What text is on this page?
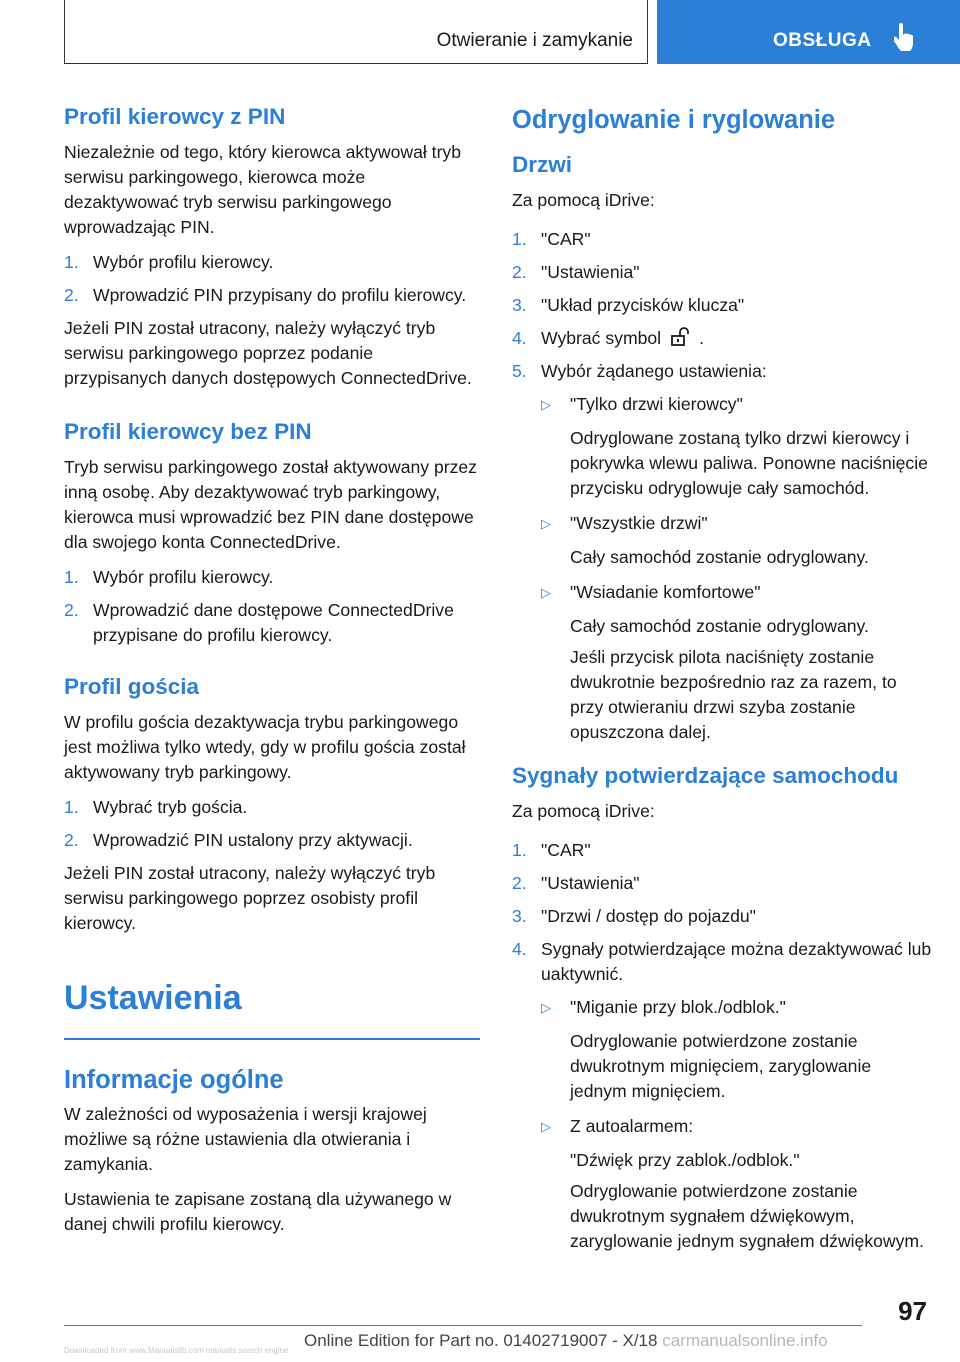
Otwieranie i zamykanie	OBSŁUGA
Profil kierowcy z PIN

Niezależnie od tego, który kierowca aktywował tryb serwisu parkingowego, kierowca może dezaktywować tryb serwisu parkingowego wprowadzając PIN.

1. Wybór profilu kierowcy.
2. Wprowadzić PIN przypisany do profilu kierowcy.

Jeżeli PIN został utracony, należy wyłączyć tryb serwisu parkingowego poprzez podanie przypisanych danych dostępowych ConnectedDrive.

Profil kierowcy bez PIN

Tryb serwisu parkingowego został aktywowany przez inną osobę. Aby dezaktywować tryb parkingowy, kierowca musi wprowadzić bez PIN dane dostępowe dla swojego konta ConnectedDrive.

1. Wybór profilu kierowcy.
2. Wprowadzić dane dostępowe ConnectedDrive przypisane do profilu kierowcy.
Profil gościa

W profilu gościa dezaktywacja trybu parkingowego jest możliwa tylko wtedy, gdy w profilu gościa został aktywowany tryb parkingowy.

1. Wybrać tryb gościa.
2. Wprowadzić PIN ustalony przy aktywacji.

Jeżeli PIN został utracony, należy wyłączyć tryb serwisu parkingowego poprzez osobisty profil kierowcy.

Ustawienia
Informacje ogólne

W zależności od wyposażenia i wersji krajowej możliwe są różne ustawienia dla otwierania i zamykania.

Ustawienia te zapisane zostaną dla używanego w danej chwili profilu kierowcy.

Odryglowanie i ryglowanie
Drzwi

Za pomocą iDrive:

1. "CAR"
2. "Ustawienia"
3. "Układ przycisków klucza"
4. Wybrać symbol .
5. Wybór żądanego ustawienia:
▷ "Tylko drzwi kierowcy"
Odryglowane zostaną tylko drzwi kierowcy i pokrywka wlewu paliwa. Ponowne naciśnięcie przycisku odryglowuje cały samochód.
▷ "Wszystkie drzwi"
Cały samochód zostanie odryglowany.
▷ "Wsiadanie komfortowe"
Cały samochód zostanie odryglowany.
Jeśli przycisk pilota naciśnięty zostanie dwukrotnie bezpośrednio raz za razem, to przy otwieraniu drzwi szyba zostanie opuszczona dalej.
Sygnały potwierdzające samochodu

Za pomocą iDrive:

1. "CAR"
2. "Ustawienia"
3. "Drzwi / dostęp do pojazdu"
4. Sygnały potwierdzające można dezaktywować lub uaktywnić.
▷ "Miganie przy blok./odblok."
Odryglowanie potwierdzone zostanie dwukrotnym mignięciem, zaryglowanie jednym mignięciem.
▷ Z autoalarmem:
"Dźwięk przy zablok./odblok."
Odryglowanie potwierdzone zostanie dwukrotnym sygnałem dźwiękowym, zaryglowanie jednym sygnałem dźwiękowym.
97
Online Edition for Part no. 01402719007 - X/18 carmanualsonline.info
Downloaded from www.Manualslib.com manuals search engine
